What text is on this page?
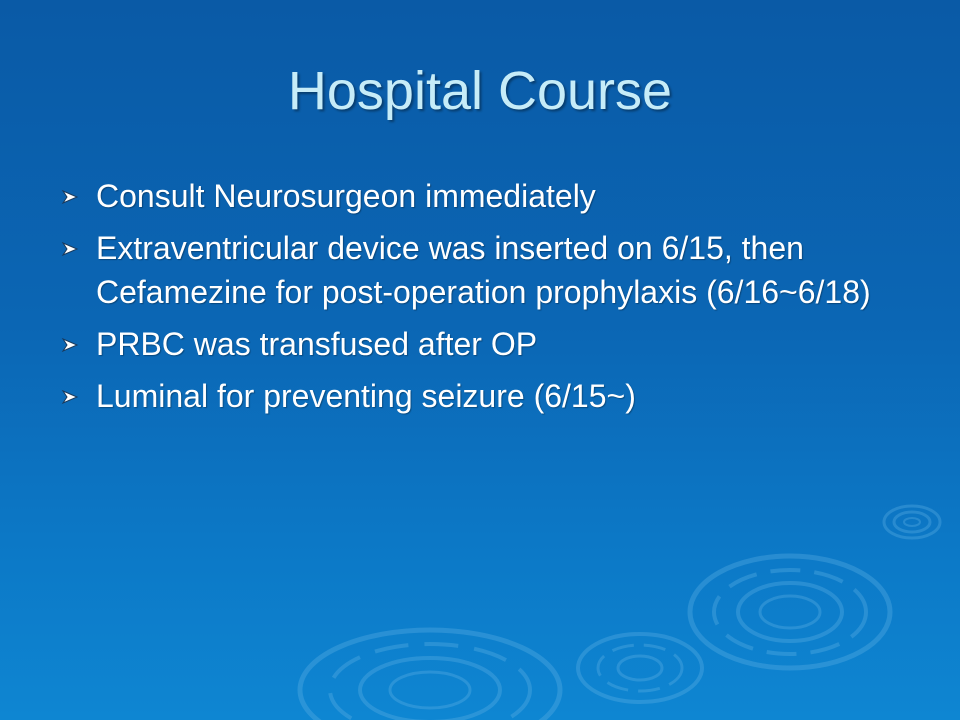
Hospital Course
Consult Neurosurgeon immediately
Extraventricular device was inserted on 6/15, then Cefamezine for post-operation prophylaxis (6/16~6/18)
PRBC was transfused after OP
Luminal for preventing seizure (6/15~)
